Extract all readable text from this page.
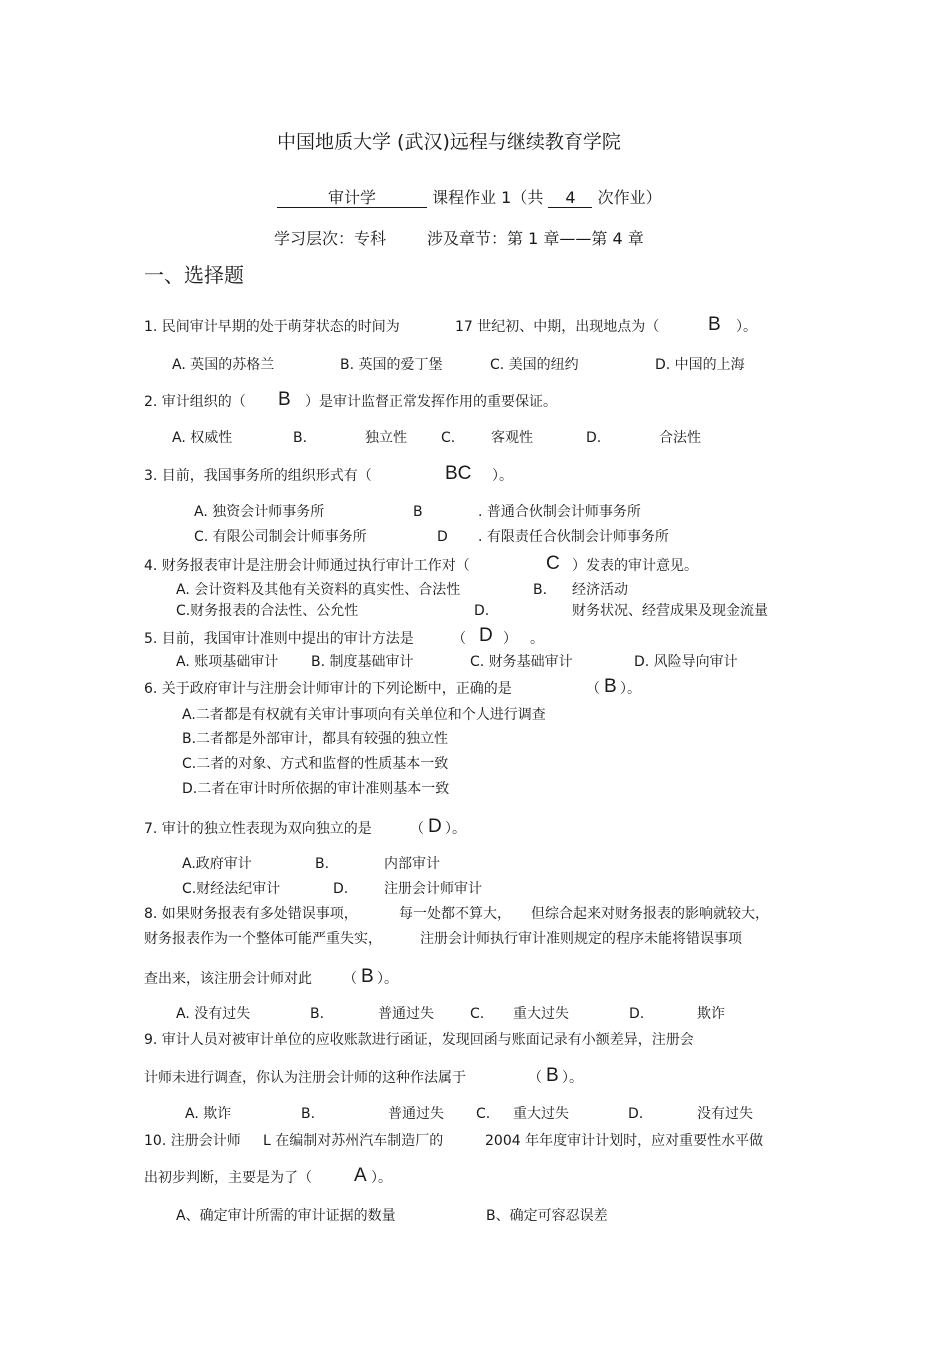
中国地质大学 (武汉)远程与继续教育学院
审计学	课程作业 1（共 4 次作业）
学习层次：专科	涉及章节：第 1 章——第 4 章
一、选择题
1. 民间审计早期的处于萌芽状态的时间为	17 世纪初、中期，出现地点为（	B ）。
A. 英国的苏格兰	B. 英国的爱丁堡	C. 美国的纽约	D. 中国的上海
2. 审计组织的（ B ）是审计监督正常发挥作用的重要保证。
A. 权威性	B.	独立性 C.	客观性	D.	合法性
3. 目前，我国事务所的组织形式有（	BC ）。
A. 独资会计师事务所	B	. 普通合伙制会计师事务所
C. 有限公司制会计师事务所	D . 有限责任合伙制会计师事务所
4. 财务报表审计是注册会计师通过执行审计工作对（	C ）发表的审计意见。
A. 会计资料及其他有关资料的真实性、合法性	B. 经济活动
C.财务报表的合法性、公允性	D.	财务状况、经营成果及现金流量
5. 目前，我国审计准则中提出的审计方法是	（ D ） 。
A. 账项基础审计 B. 制度基础审计	C. 财务基础审计	D. 风险导向审计
6. 关于政府审计与注册会计师审计的下列论断中，正确的是	（ B ）。
A.二者都是有权就有关审计事项向有关单位和个人进行调查
B.二者都是外部审计，都具有较强的独立性
C.二者的对象、方式和监督的性质基本一致
D.二者在审计时所依据的审计准则基本一致
7. 审计的独立性表现为双向独立的是	（ D ）。
A.政府审计	B.	内部审计
C.财经法纪审计	D.	注册会计师审计
8. 如果财务报表有多处错误事项，	每一处都不算大， 但综合起来对财务报表的影响就较大，
财务报表作为一个整体可能严重失实，	注册会计师执行审计准则规定的程序未能将错误事项
查出来，该注册会计师对此 （ B ）。
A. 没有过失	B.	普通过失	C. 重大过失	D.	欺诈
9. 审计人员对被审计单位的应收账款进行函证，发现回函与账面记录有小额差异，注册会
计师未进行调查，你认为注册会计师的这种作法属于	（ B ）。
A. 欺诈	B.	普通过失 C. 重大过失	D.	没有过失
10. 注册会计师 L 在编制对苏州汽车制造厂的	2004 年年度审计计划时，应对重要性水平做
出初步判断，主要是为了（ A ）。
A、确定审计所需的审计证据的数量	B、确定可容忍误差
